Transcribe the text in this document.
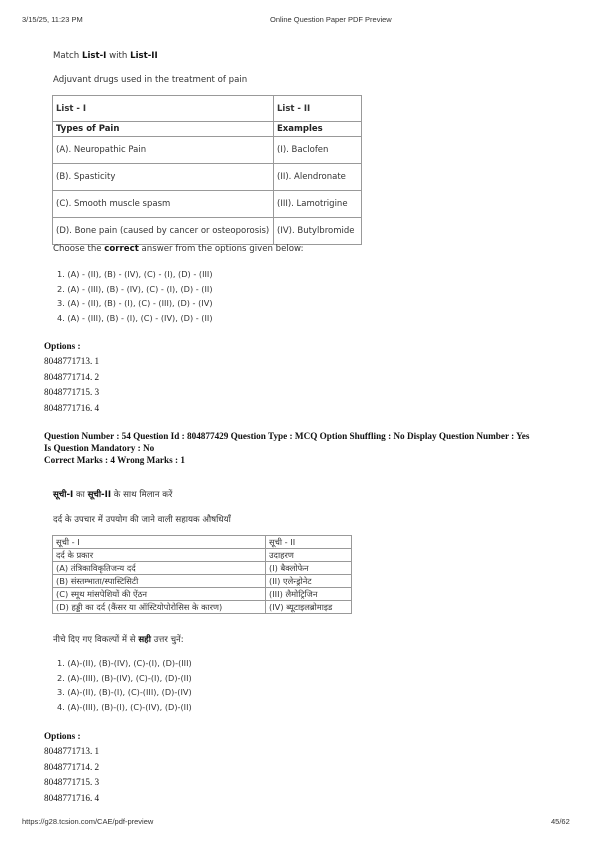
3/15/25, 11:23 PM	Online Question Paper PDF Preview
Match List-I with List-II
Adjuvant drugs used in the treatment of pain
List - I	List - II
Types of Pain	Examples
(A). Neuropathic Pain	(I). Baclofen
(B). Spasticity	(II). Alendronate
(C). Smooth muscle spasm	(III). Lamotrigine
(D). Bone pain (caused by cancer or osteoporosis)	(IV). Butylbromide
Choose the correct answer from the options given below:
1. (A) - (II), (B) - (IV), (C) - (I), (D) - (III)
2. (A) - (III), (B) - (IV), (C) - (I), (D) - (II)
3. (A) - (II), (B) - (I), (C) - (III), (D) - (IV)
4. (A) - (III), (B) - (I), (C) - (IV), (D) - (II)
Options :
8048771713. 1
8048771714. 2
8048771715. 3
8048771716. 4
Question Number : 54 Question Id : 804877429 Question Type : MCQ Option Shuffling : No Display Question Number : Yes
Is Question Mandatory : No
Correct Marks : 4 Wrong Marks : 1
सूची-I का सूची-II के साथ मिलान करें
दर्द के उपचार में उपयोग की जाने वाली सहायक औषधियाँ
सूची - I	सूची - II
दर्द के प्रकार	उदाहरण
(A) तंत्रिकाविकृतिजन्य दर्द	(I) बैक्लोफेन
(B) संस्तम्भाता/स्पास्टिसिटी	(II) एलेन्ड्रोनेट
(C) स्मूथ मांसपेशियों की ऐंठन	(III) लैमोट्रिजिन
(D) हड्डी का दर्द (कैंसर या ऑस्टियोपोरोसिस के कारण)	(IV) ब्यूटाइलब्रोमाइड
नीचे दिए गए विकल्पों में से सही उत्तर चुनें:
1. (A)-(II), (B)-(IV), (C)-(I), (D)-(III)
2. (A)-(III), (B)-(IV), (C)-(I), (D)-(II)
3. (A)-(II), (B)-(I), (C)-(III), (D)-(IV)
4. (A)-(III), (B)-(I), (C)-(IV), (D)-(II)
Options :
8048771713. 1
8048771714. 2
8048771715. 3
8048771716. 4
https://g28.tcsion.com/CAE/pdf-preview	45/62
